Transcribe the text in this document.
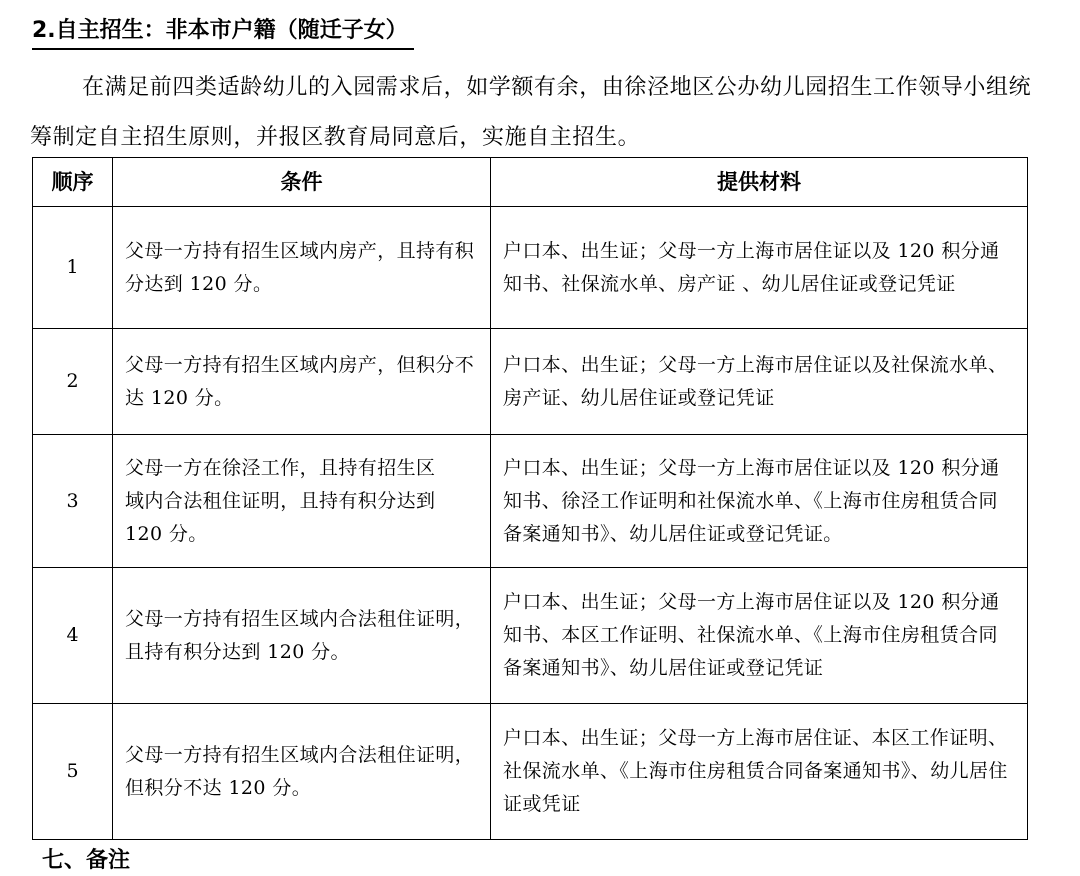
2.自主招生：非本市户籍（随迁子女）
在满足前四类适龄幼儿的入园需求后，如学额有余，由徐泾地区公办幼儿园招生工作领导小组统筹制定自主招生原则，并报区教育局同意后，实施自主招生。
顺序	条件	提供材料
1	父母一方持有招生区域内房产，且持有积分达到 120 分。	户口本、出生证；父母一方上海市居住证以及 120 积分通知书、社保流水单、房产证 、幼儿居住证或登记凭证
2	父母一方持有招生区域内房产，但积分不达 120 分。	户口本、出生证；父母一方上海市居住证以及社保流水单、房产证、幼儿居住证或登记凭证
3	父母一方在徐泾工作，且持有招生区域内合法租住证明，且持有积分达到 120 分。	户口本、出生证；父母一方上海市居住证以及 120 积分通知书、徐泾工作证明和社保流水单、《上海市住房租赁合同备案通知书》、幼儿居住证或登记凭证。
4	父母一方持有招生区域内合法租住证明，且持有积分达到 120 分。	户口本、出生证；父母一方上海市居住证以及 120 积分通知书、本区工作证明、社保流水单、《上海市住房租赁合同备案通知书》、幼儿居住证或登记凭证
5	父母一方持有招生区域内合法租住证明，但积分不达 120 分。	户口本、出生证；父母一方上海市居住证、本区工作证明、社保流水单、《上海市住房租赁合同备案通知书》、幼儿居住证或凭证
七、备注
